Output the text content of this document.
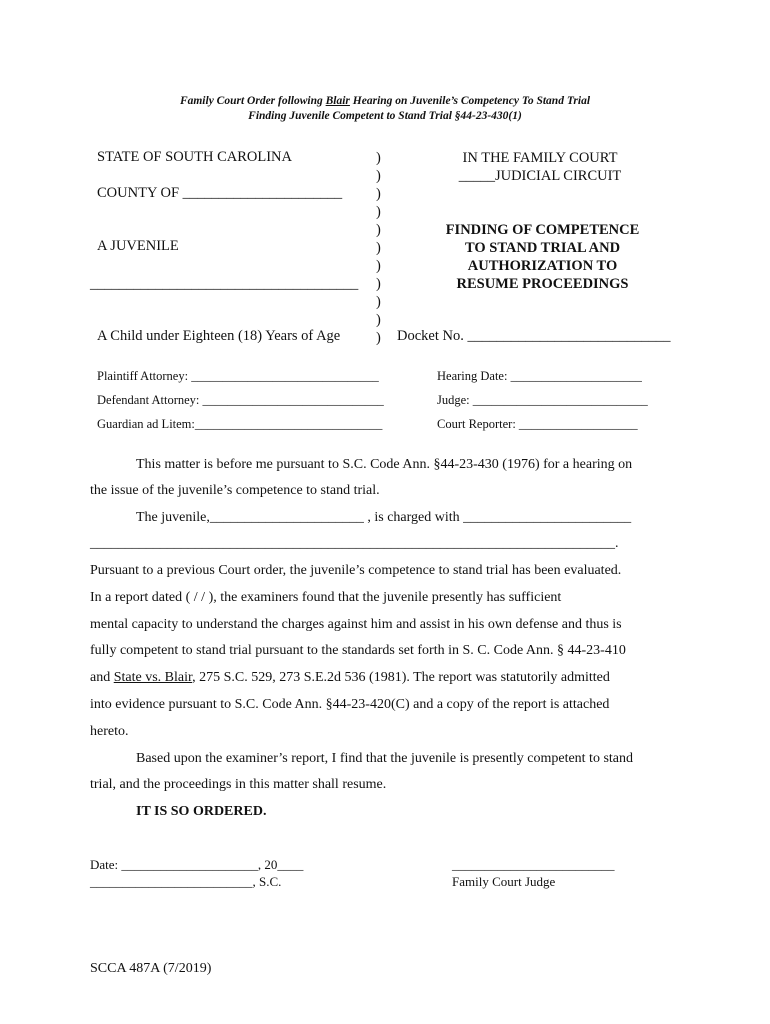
Family Court Order following Blair Hearing on Juvenile’s Competency To Stand Trial
Finding Juvenile Competent to Stand Trial §44-23-430(1)
STATE OF SOUTH CAROLINA
COUNTY OF ______________________
A JUVENILE
_____________________________________
A Child under Eighteen (18) Years of Age
)
)
)
)
)
)
)
)
)
)
)
IN THE FAMILY COURT
_____JUDICIAL CIRCUIT
FINDING OF COMPETENCE
TO STAND TRIAL AND
AUTHORIZATION TO
RESUME PROCEEDINGS
Docket No. ____________________________
Plaintiff Attorney: ______________________________
Defendant Attorney: _____________________________
Guardian ad Litem:______________________________
Hearing Date: _____________________
Judge: ____________________________
Court Reporter: ___________________
This matter is before me pursuant to S.C. Code Ann. §44-23-430 (1976) for a hearing on
the issue of the juvenile’s competence to stand trial.
The juvenile,______________________ , is charged with ________________________
___________________________________________________________________________.
Pursuant to a previous Court order, the juvenile’s competence to stand trial has been evaluated.
In a report dated ( / / ), the examiners found that the juvenile presently has sufficient
mental capacity to understand the charges against him and assist in his own defense and thus is
fully competent to stand trial pursuant to the standards set forth in S. C. Code Ann. § 44-23-410
and State vs. Blair, 275 S.C. 529, 273 S.E.2d 536 (1981). The report was statutorily admitted
into evidence pursuant to S.C. Code Ann. §44-23-420(C) and a copy of the report is attached
hereto.
Based upon the examiner’s report, I find that the juvenile is presently competent to stand
trial, and the proceedings in this matter shall resume.
IT IS SO ORDERED.
Date: _____________________, 20____
_________________________, S.C.
_________________________
Family Court Judge
SCCA 487A (7/2019)
